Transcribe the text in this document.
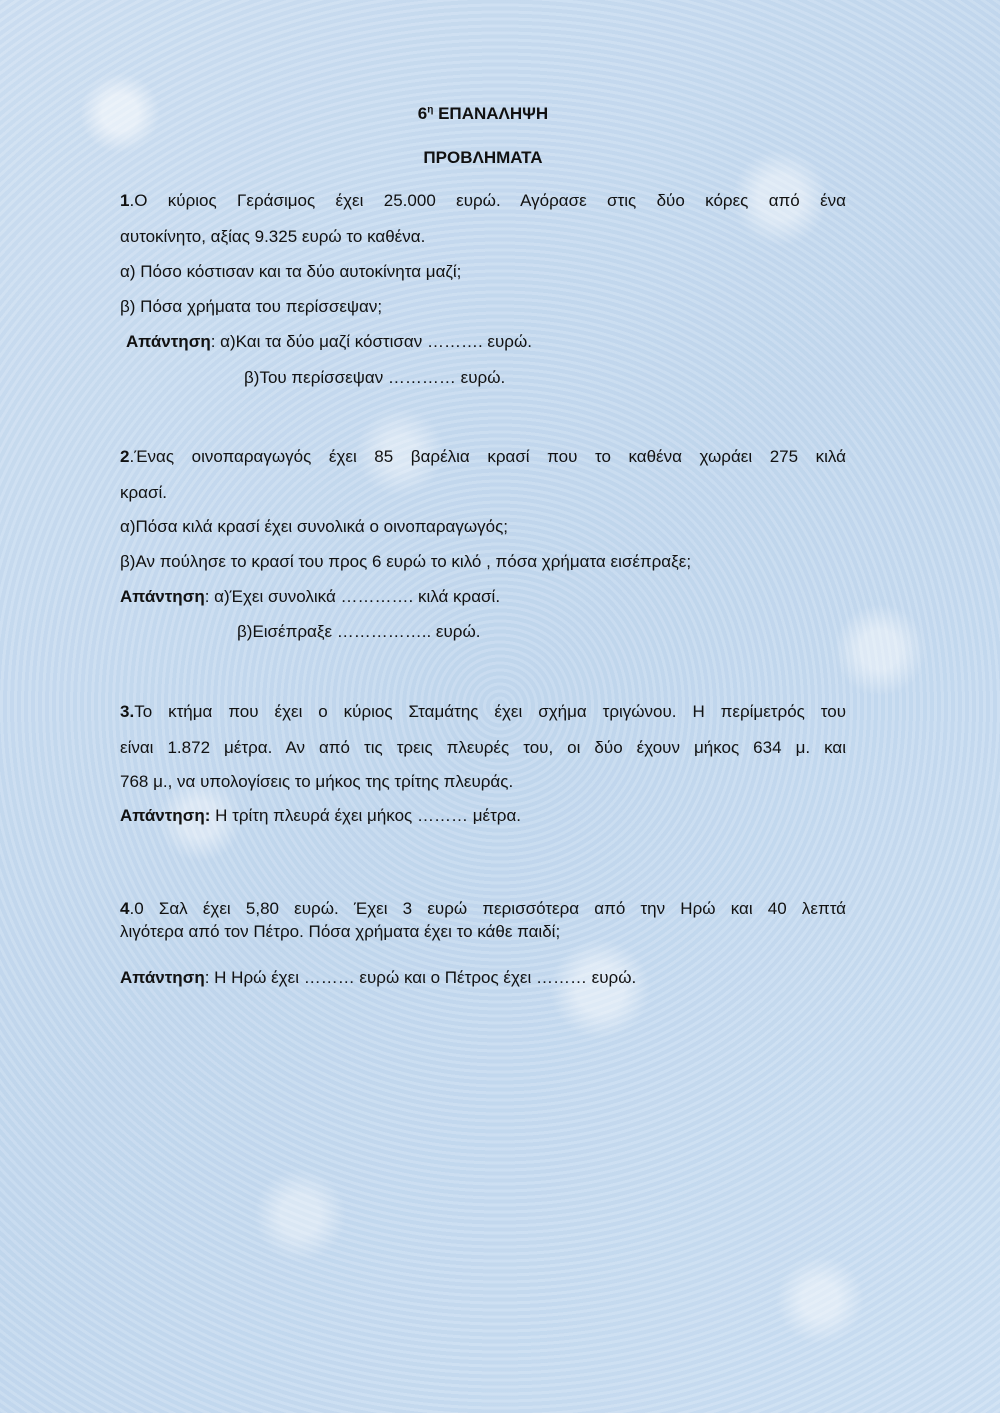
$6^\eta$ ΕΠΑΝΑΛΗΨΗ
ΠΡΟΒΛΗΜΑΤΑ
1.Ο κύριος Γεράσιμος έχει 25.000 ευρώ. Αγόρασε στις δύο κόρες από ένα
αυτοκίνητο, αξίας 9.325 ευρώ το καθένα.
α) Πόσο κόστισαν και τα δύο αυτοκίνητα μαζί;
β) Πόσα χρήματα του περίσσεψαν;
Απάντηση: α)Και τα δύο μαζί κόστισαν ………. ευρώ.
β)Του περίσσεψαν ………… ευρώ.
2.Ένας οινοπαραγωγός έχει 85 βαρέλια κρασί που το καθένα χωράει 275 κιλά
κρασί.
α)Πόσα κιλά κρασί έχει συνολικά ο οινοπαραγωγός;
β)Αν πούλησε το κρασί του προς 6 ευρώ το κιλό , πόσα χρήματα εισέπραξε;
Απάντηση: α)Έχει συνολικά …………. κιλά κρασί.
β)Εισέπραξε …………….. ευρώ.
3.Το κτήμα που έχει ο κύριος Σταμάτης έχει σχήμα τριγώνου. Η περίμετρός του
είναι 1.872 μέτρα. Αν από τις τρεις πλευρές του, οι δύο έχουν μήκος 634 μ. και
768 μ., να υπολογίσεις το μήκος της τρίτης πλευράς.
Απάντηση: Η τρίτη πλευρά έχει μήκος ……… μέτρα.
4.0 Σαλ έχει 5,80 ευρώ. Έχει 3 ευρώ περισσότερα από την Ηρώ και 40 λεπτά
λιγότερα από τον Πέτρο. Πόσα χρήματα έχει το κάθε παιδί;
Απάντηση: Η Ηρώ έχει ……… ευρώ και ο Πέτρος έχει ……… ευρώ.
